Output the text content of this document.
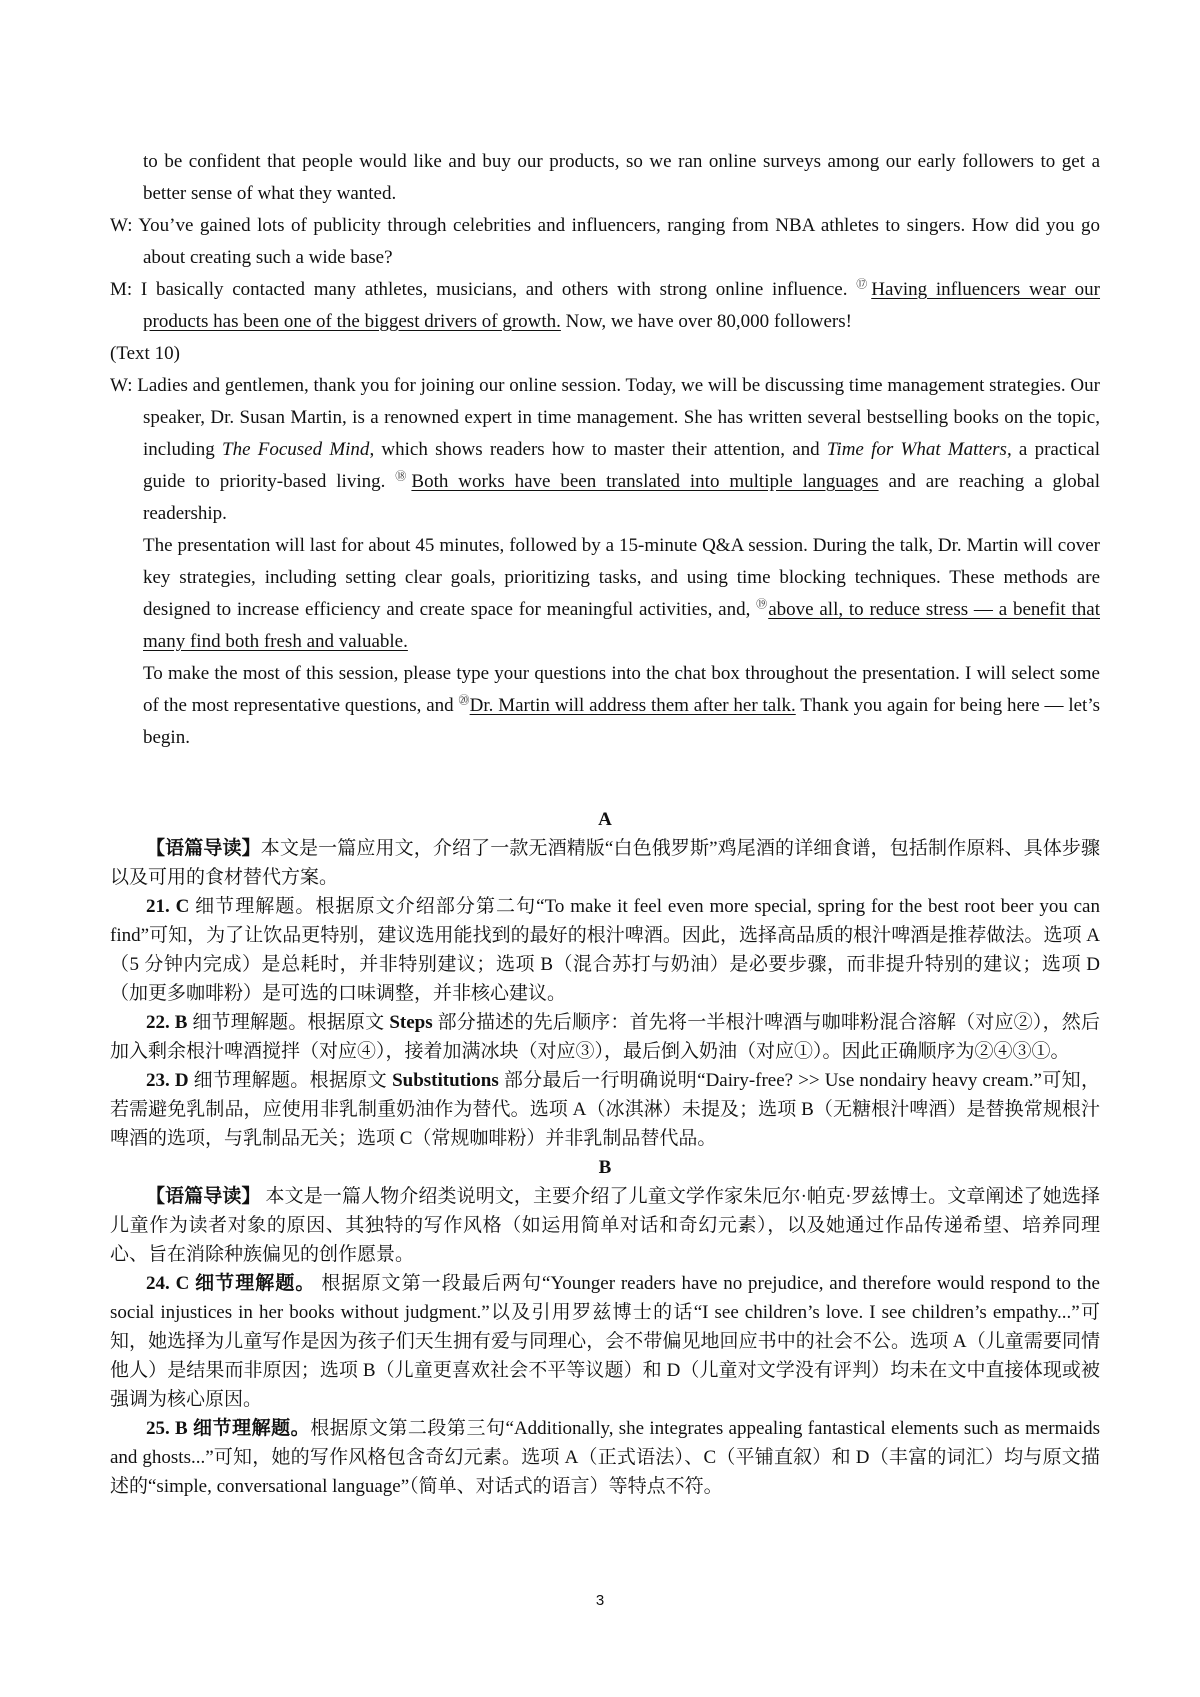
to be confident that people would like and buy our products, so we ran online surveys among our early followers to get a better sense of what they wanted.

W: You’ve gained lots of publicity through celebrities and influencers, ranging from NBA athletes to singers. How did you go about creating such a wide base?

M: I basically contacted many athletes, musicians, and others with strong online influence. ⑰Having influencers wear our products has been one of the biggest drivers of growth. Now, we have over 80,000 followers!

(Text 10)

W: Ladies and gentlemen, thank you for joining our online session. Today, we will be discussing time management strategies. Our speaker, Dr. Susan Martin, is a renowned expert in time management. She has written several bestselling books on the topic, including The Focused Mind, which shows readers how to master their attention, and Time for What Matters, a practical guide to priority-based living. ⑱Both works have been translated into multiple languages and are reaching a global readership.

The presentation will last for about 45 minutes, followed by a 15-minute Q&A session. During the talk, Dr. Martin will cover key strategies, including setting clear goals, prioritizing tasks, and using time blocking techniques. These methods are designed to increase efficiency and create space for meaningful activities, and, ⑲above all, to reduce stress — a benefit that many find both fresh and valuable.

To make the most of this session, please type your questions into the chat box throughout the presentation. I will select some of the most representative questions, and ⑳Dr. Martin will address them after her talk. Thank you again for being here — let’s begin.

A

【语篇导读】本文是一篇应用文，介绍了一款无酒精版“白色俄罗斯”鸡尾酒的详细食谱，包括制作原料、具体步骤以及可用的食材替代方案。

21. C 细节理解题。根据原文介绍部分第二句“To make it feel even more special, spring for the best root beer you can find”可知，为了让饮品更特别，建议选用能找到的最好的根汁啤酒。因此，选择高品质的根汁啤酒是推荐做法。选项 A（5 分钟内完成）是总耗时，并非特别建议；选项 B（混合苏打与奶油）是必要步骤，而非提升特别的建议；选项 D（加更多咖啡粉）是可选的口味调整，并非核心建议。

22. B 细节理解题。根据原文 Steps 部分描述的先后顺序：首先将一半根汁啤酒与咖啡粉混合溶解（对应②），然后加入剩余根汁啤酒搅拌（对应④），接着加满冰块（对应③），最后倒入奶油（对应①）。因此正确顺序为②④③①。

23. D 细节理解题。根据原文 Substitutions 部分最后一行明确说明“Dairy-free? >> Use nondairy heavy cream.”可知，若需避免乳制品，应使用非乳制重奶油作为替代。选项 A（冰淇淋）未提及；选项 B（无糖根汁啤酒）是替换常规根汁啤酒的选项，与乳制品无关；选项 C（常规咖啡粉）并非乳制品替代品。

B

【语篇导读】 本文是一篇人物介绍类说明文，主要介绍了儿童文学作家朱厄尔·帕克·罗兹博士。文章阐述了她选择儿童作为读者对象的原因、其独特的写作风格（如运用简单对话和奇幻元素），以及她通过作品传递希望、培养同理心、旨在消除种族偏见的创作愿景。

24. C 细节理解题。 根据原文第一段最后两句“Younger readers have no prejudice, and therefore would respond to the social injustices in her books without judgment.”以及引用罗兹博士的话“I see children’s love. I see children’s empathy...”可知，她选择为儿童写作是因为孩子们天生拥有爱与同理心，会不带偏见地回应书中的社会不公。选项 A（儿童需要同情他人）是结果而非原因；选项 B（儿童更喜欢社会不平等议题）和 D（儿童对文学没有评判）均未在文中直接体现或被强调为核心原因。

25. B 细节理解题。根据原文第二段第三句“Additionally, she integrates appealing fantastical elements such as mermaids and ghosts...”可知，她的写作风格包含奇幻元素。选项 A（正式语法）、C（平铺直叙）和 D（丰富的词汇）均与原文描述的“simple, conversational language”（简单、对话式的语言）等特点不符。

3
